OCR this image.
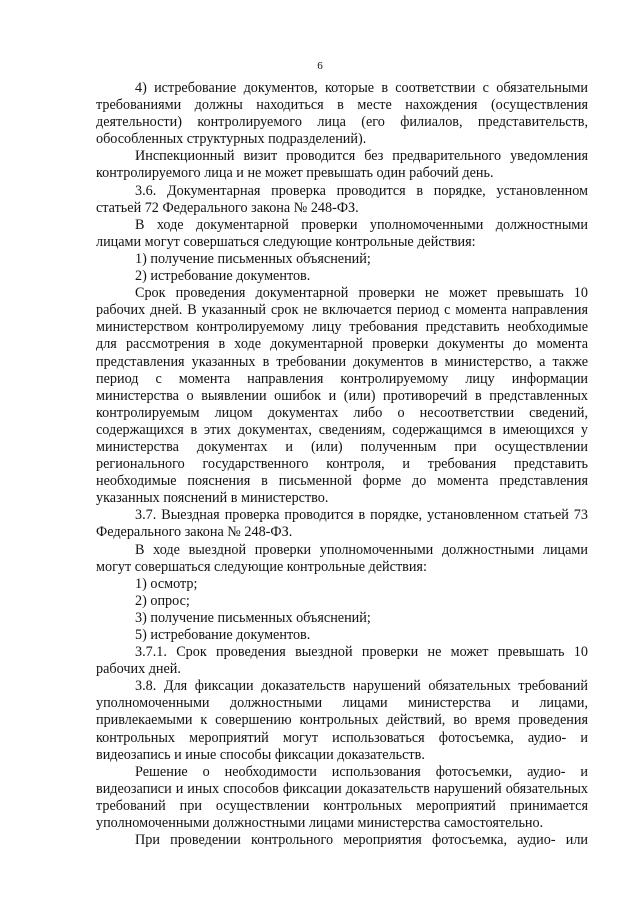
6

4) истребование документов, которые в соответствии с обязательными
требованиями должны находиться в месте нахождения (осуществления
деятельности) контролируемого лица (его филиалов, представительств,
обособленных структурных подразделений).

Инспекционный визит проводится без предварительного уведомления
контролируемого лица и не может превышать один рабочий день.

3.6. Документарная проверка проводится в порядке, установленном
статьей 72 Федерального закона № 248-ФЗ.

В ходе документарной проверки уполномоченными должностными
лицами могут совершаться следующие контрольные действия:

1) получение письменных объяснений;

2) истребование документов.

Срок проведения документарной проверки не может превышать 10
рабочих дней. В указанный срок не включается период с момента направления
министерством контролируемому лицу требования представить необходимые
для рассмотрения в ходе документарной проверки документы до момента
представления указанных в требовании документов в министерство, а также
период с момента направления контролируемому лицу информации
министерства о выявлении ошибок и (или) противоречий в представленных
контролируемым лицом документах либо о несоответствии сведений,
содержащихся в этих документах, сведениям, содержащимся в имеющихся у
министерства документах и (или) полученным при осуществлении
регионального государственного контроля, и требования представить
необходимые пояснения в письменной форме до момента представления
указанных пояснений в министерство.

3.7. Выездная проверка проводится в порядке, установленном статьей 73
Федерального закона № 248-ФЗ.

В ходе выездной проверки уполномоченными должностными лицами
могут совершаться следующие контрольные действия:

1) осмотр;

2) опрос;

3) получение письменных объяснений;

5) истребование документов.

3.7.1. Срок проведения выездной проверки не может превышать 10
рабочих дней.

3.8. Для фиксации доказательств нарушений обязательных требований
уполномоченными должностными лицами министерства и лицами,
привлекаемыми к совершению контрольных действий, во время проведения
контрольных мероприятий могут использоваться фотосъемка, аудио- и
видеозапись и иные способы фиксации доказательств.

Решение о необходимости использования фотосъемки, аудио- и
видеозаписи и иных способов фиксации доказательств нарушений обязательных
требований при осуществлении контрольных мероприятий принимается
уполномоченными должностными лицами министерства самостоятельно.

При проведении контрольного мероприятия фотосъемка, аудио- или
